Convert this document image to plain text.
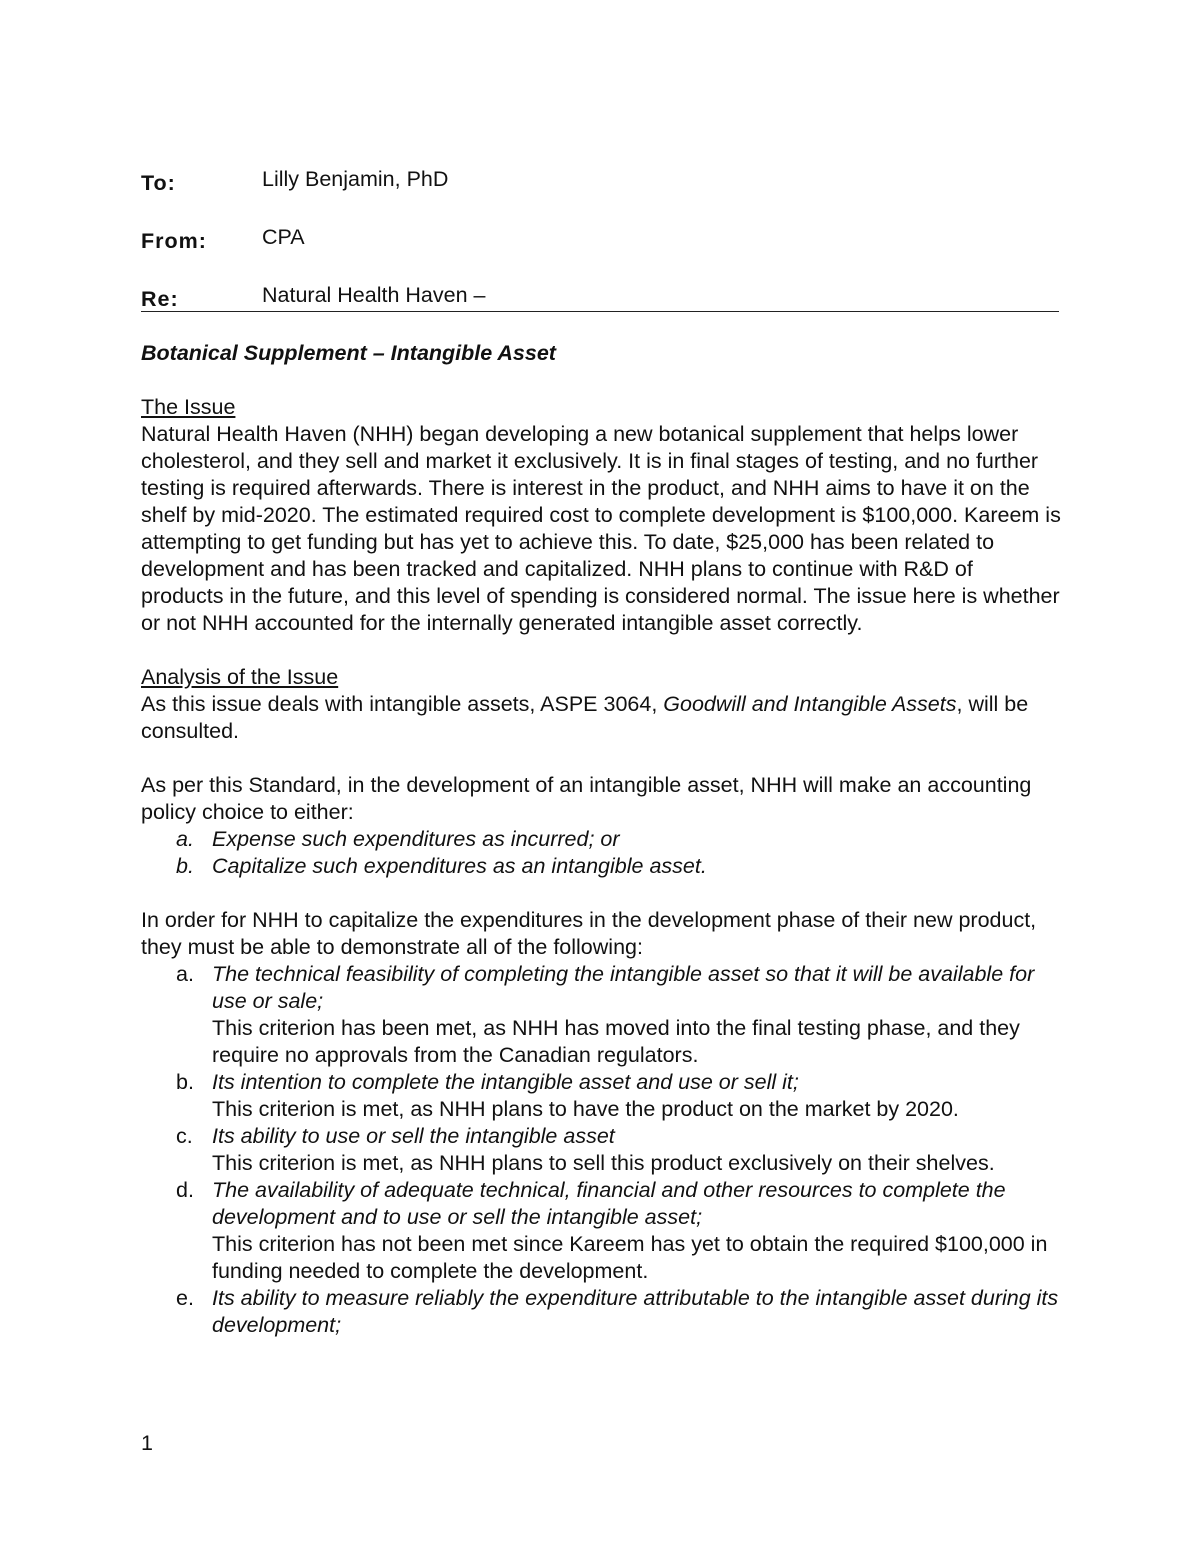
To:	Lilly Benjamin, PhD
From:	CPA
Re:	Natural Health Haven –

Botanical Supplement – Intangible Asset

The Issue

Natural Health Haven (NHH) began developing a new botanical supplement that helps lower cholesterol, and they sell and market it exclusively. It is in final stages of testing, and no further testing is required afterwards. There is interest in the product, and NHH aims to have it on the shelf by mid-2020. The estimated required cost to complete development is $100,000. Kareem is attempting to get funding but has yet to achieve this. To date, $25,000 has been related to development and has been tracked and capitalized. NHH plans to continue with R&D of products in the future, and this level of spending is considered normal. The issue here is whether or not NHH accounted for the internally generated intangible asset correctly.

Analysis of the Issue

As this issue deals with intangible assets, ASPE 3064, Goodwill and Intangible Assets, will be consulted.

As per this Standard, in the development of an intangible asset, NHH will make an accounting policy choice to either:

a. Expense such expenditures as incurred; or
b. Capitalize such expenditures as an intangible asset.

In order for NHH to capitalize the expenditures in the development phase of their new product, they must be able to demonstrate all of the following:

a. The technical feasibility of completing the intangible asset so that it will be available for use or sale;
This criterion has been met, as NHH has moved into the final testing phase, and they require no approvals from the Canadian regulators.
b. Its intention to complete the intangible asset and use or sell it;
This criterion is met, as NHH plans to have the product on the market by 2020.
c. Its ability to use or sell the intangible asset
This criterion is met, as NHH plans to sell this product exclusively on their shelves.
d. The availability of adequate technical, financial and other resources to complete the development and to use or sell the intangible asset;
This criterion has not been met since Kareem has yet to obtain the required $100,000 in funding needed to complete the development.
e. Its ability to measure reliably the expenditure attributable to the intangible asset during its development;
1
